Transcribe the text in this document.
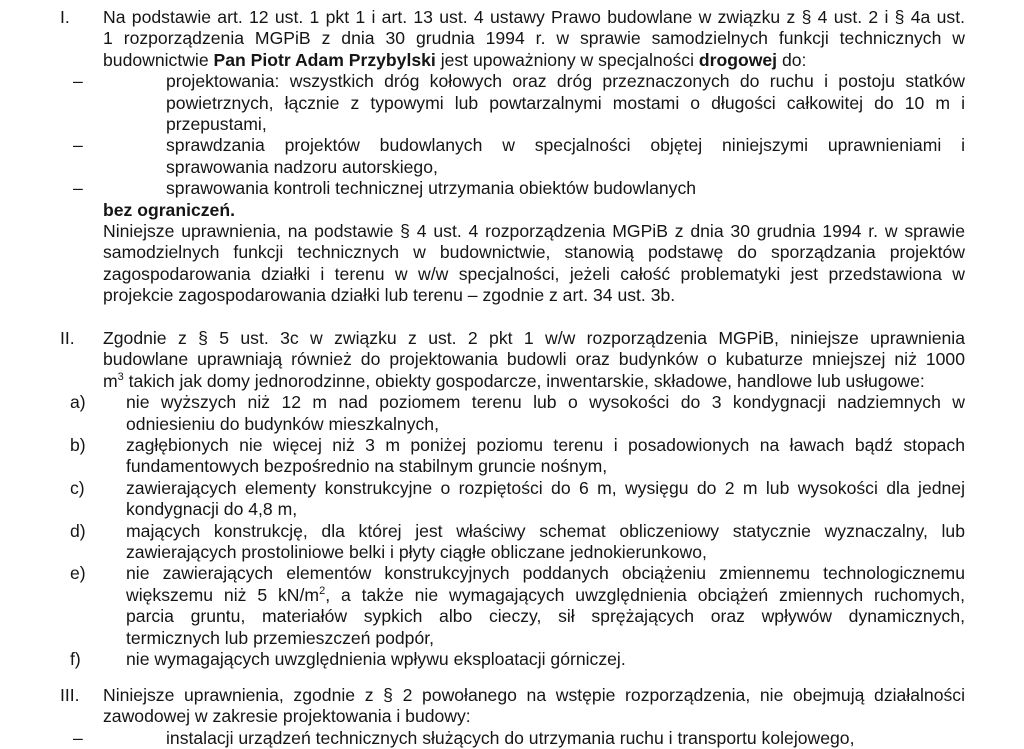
I. Na podstawie art. 12 ust. 1 pkt 1 i art. 13 ust. 4 ustawy Prawo budowlane w związku z § 4 ust. 2 i § 4a ust.
1 rozporządzenia MGPiB z dnia 30 grudnia 1994 r. w sprawie samodzielnych funkcji technicznych w
budownictwie Pan Piotr Adam Przybylski jest upoważniony w specjalności drogowej do:
–	projektowania: wszystkich dróg kołowych oraz dróg przeznaczonych do ruchu i postoju statków
powietrznych, łącznie z typowymi lub powtarzalnymi mostami o długości całkowitej do 10 m i
przepustami,
–	sprawdzania projektów budowlanych w specjalności objętej niniejszymi uprawnieniami i
sprawowania nadzoru autorskiego,
–	sprawowania kontroli technicznej utrzymania obiektów budowlanych
bez ograniczeń.
Niniejsze uprawnienia, na podstawie § 4 ust. 4 rozporządzenia MGPiB z dnia 30 grudnia 1994 r. w sprawie
samodzielnych funkcji technicznych w budownictwie, stanowią podstawę do sporządzania projektów
zagospodarowania działki i terenu w w/w specjalności, jeżeli całość problematyki jest przedstawiona w
projekcie zagospodarowania działki lub terenu – zgodnie z art. 34 ust. 3b.
II. Zgodnie z § 5 ust. 3c w związku z ust. 2 pkt 1 w/w rozporządzenia MGPiB, niniejsze uprawnienia
budowlane uprawniają również do projektowania budowli oraz budynków o kubaturze mniejszej niż 1000
$m^3$ takich jak domy jednorodzinne, obiekty gospodarcze, inwentarskie, składowe, handlowe lub usługowe:
a)	nie wyższych niż 12 m nad poziomem terenu lub o wysokości do 3 kondygnacji nadziemnych w
odniesieniu do budynków mieszkalnych,
b)	zagłębionych nie więcej niż 3 m poniżej poziomu terenu i posadowionych na ławach bądź stopach
fundamentowych bezpośrednio na stabilnym gruncie nośnym,
c)	zawierających elementy konstrukcyjne o rozpiętości do 6 m, wysięgu do 2 m lub wysokości dla jednej
kondygnacji do 4,8 m,
d)	mających konstrukcję, dla której jest właściwy schemat obliczeniowy statycznie wyznaczalny, lub
zawierających prostoliniowe belki i płyty ciągłe obliczane jednokierunkowo,
e)	nie zawierających elementów konstrukcyjnych poddanych obciążeniu zmiennemu technologicznemu
większemu niż 5 $kN/m^2$, a także nie wymagających uwzględnienia obciążeń zmiennych ruchomych,
parcia gruntu, materiałów sypkich albo cieczy, sił sprężających oraz wpływów dynamicznych,
termicznych lub przemieszczeń podpór,
f)	nie wymagających uwzględnienia wpływu eksploatacji górniczej.
III. Niniejsze uprawnienia, zgodnie z § 2 powołanego na wstępie rozporządzenia, nie obejmują działalności
zawodowej w zakresie projektowania i budowy:
–	instalacji urządzeń technicznych służących do utrzymania ruchu i transportu kolejowego,
